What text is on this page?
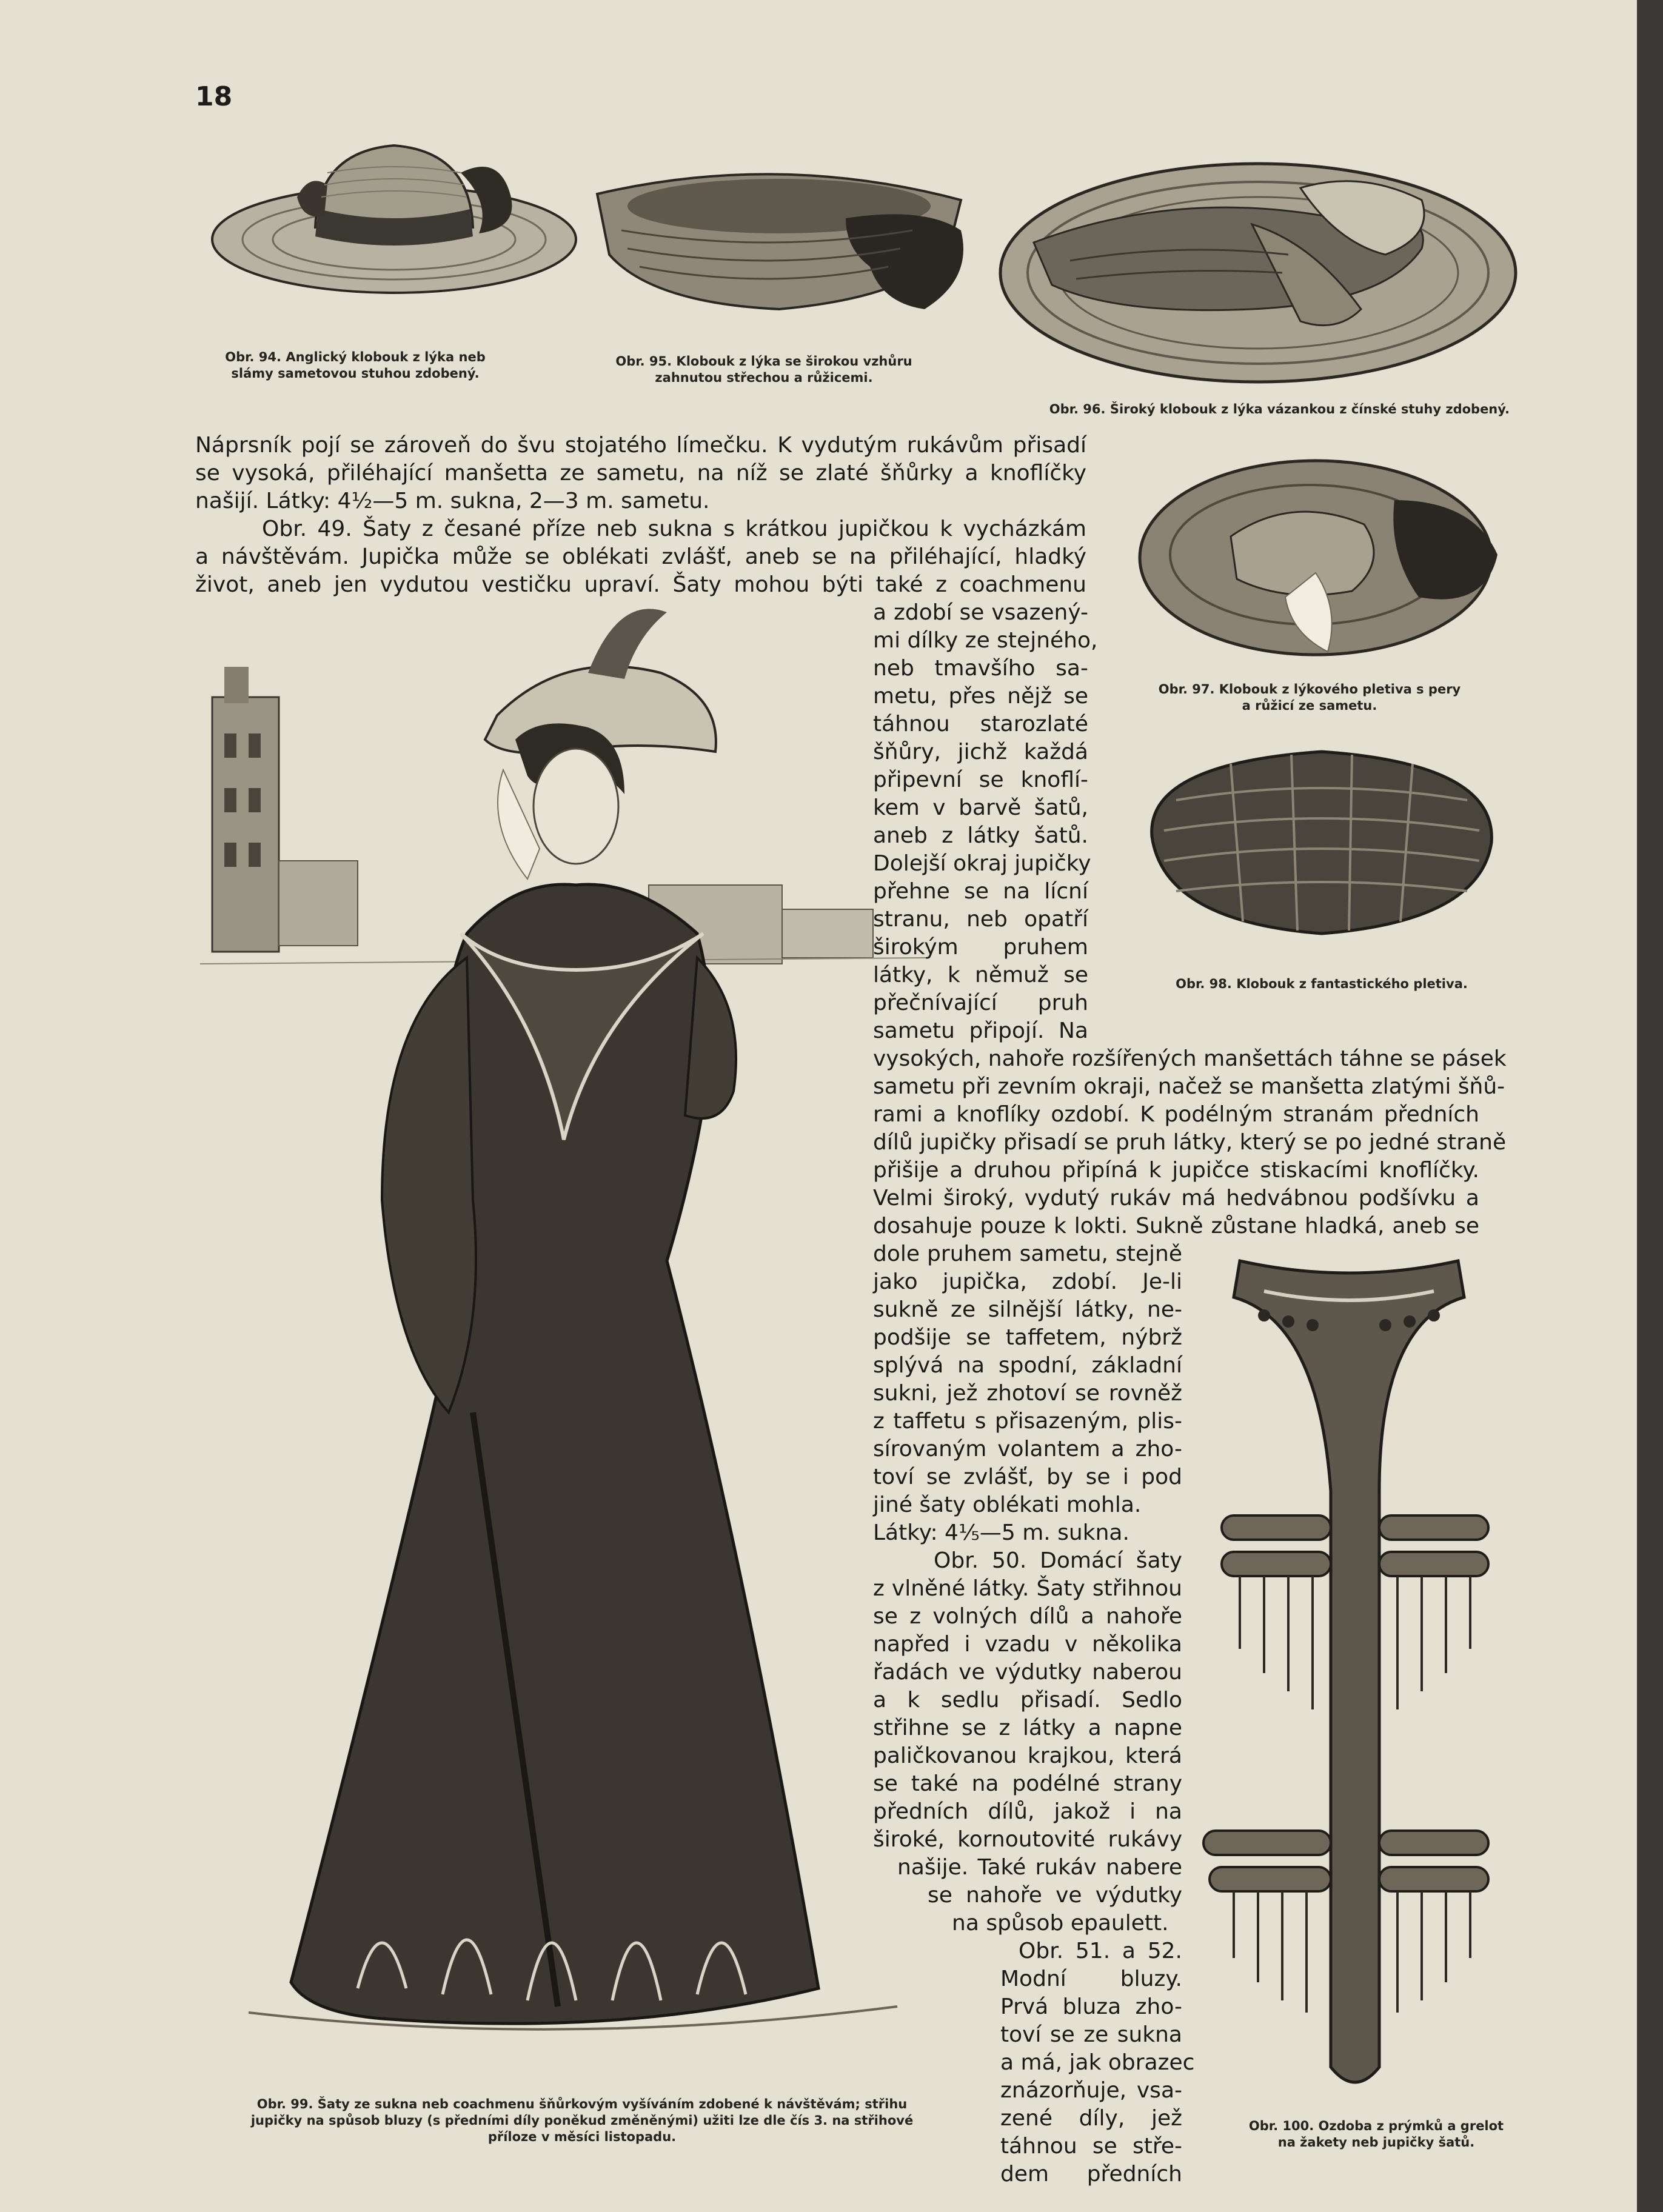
18
Obr. 94. Anglický klobouk z lýka neb
slámy sametovou stuhou zdobený.
Obr. 95. Klobouk z lýka se širokou vzhůru
zahnutou střechou a růžicemi.
Obr. 96. Široký klobouk z lýka vázankou z čínské stuhy zdobený.
Náprsník pojí se zároveň do švu stojatého límečku. K vydutým rukávům přisadí
se vysoká, přiléhající manšetta ze sametu, na níž se zlaté šňůrky a knoflíčky
našijí. Látky: 4½—5 m. sukna, 2—3 m. sametu.
Obr. 49. Šaty z česané příze neb sukna s krátkou jupičkou k vycházkám
a návštěvám. Jupička může se oblékati zvlášť, aneb se na přiléhající, hladký
život, aneb jen vydutou vestičku upraví. Šaty mohou býti také z coachmenu
Obr. 97. Klobouk z lýkového pletiva s pery
a růžicí ze sametu.
Obr. 98. Klobouk z fantastického pletiva.
Obr. 99. Šaty ze sukna neb coachmenu šňůrkovým vyšíváním zdobené k návštěvám; střihu
jupičky na spůsob bluzy (s předními díly poněkud změněnými) užiti lze dle čís 3. na střihové
příloze v měsíci listopadu.
a zdobí se vsazený-
mi dílky ze stejného,
neb tmavšího sa-
metu, přes nějž se
táhnou starozlaté
šňůry, jichž každá
připevní se knoflí-
kem v barvě šatů,
aneb z látky šatů.
Dolejší okraj jupičky
přehne se na lícní
stranu, neb opatří
širokým pruhem
látky, k němuž se
přečnívající pruh
sametu připojí. Na
vysokých, nahoře rozšířených manšettách táhne se pásek
sametu při zevním okraji, načež se manšetta zlatými šňů-
rami a knoflíky ozdobí. K podélným stranám předních
dílů jupičky přisadí se pruh látky, který se po jedné straně
přišije a druhou připíná k jupičce stiskacími knoflíčky.
Velmi široký, vydutý rukáv má hedvábnou podšívku a
dosahuje pouze k lokti. Sukně zůstane hladká, aneb se
dole pruhem sametu, stejně
jako jupička, zdobí. Je-li
sukně ze silnější látky, ne-
podšije se taffetem, nýbrž
splývá na spodní, základní
sukni, jež zhotoví se rovněž
z taffetu s přisazeným, plis-
sírovaným volantem a zho-
toví se zvlášť, by se i pod
jiné šaty oblékati mohla.
Látky: 4⅕—5 m. sukna.
Obr. 50. Domácí šaty
z vlněné látky. Šaty střihnou
se z volných dílů a nahoře
napřed i vzadu v několika
řadách ve výdutky naberou
a k sedlu přisadí. Sedlo
střihne se z látky a napne
paličkovanou krajkou, která
se také na podélné strany
předních dílů, jakož i na
široké, kornoutovité rukávy
našije. Také rukáv nabere
se nahoře ve výdutky
na spůsob epaulett.
Obr. 51. a 52.
Modní bluzy.
Prvá bluza zho-
toví se ze sukna
a má, jak obrazec
znázorňuje, vsa-
zené díly, jež
táhnou se stře-
dem předních
Obr. 100. Ozdoba z prýmků a grelot
na žakety neb jupičky šatů.
